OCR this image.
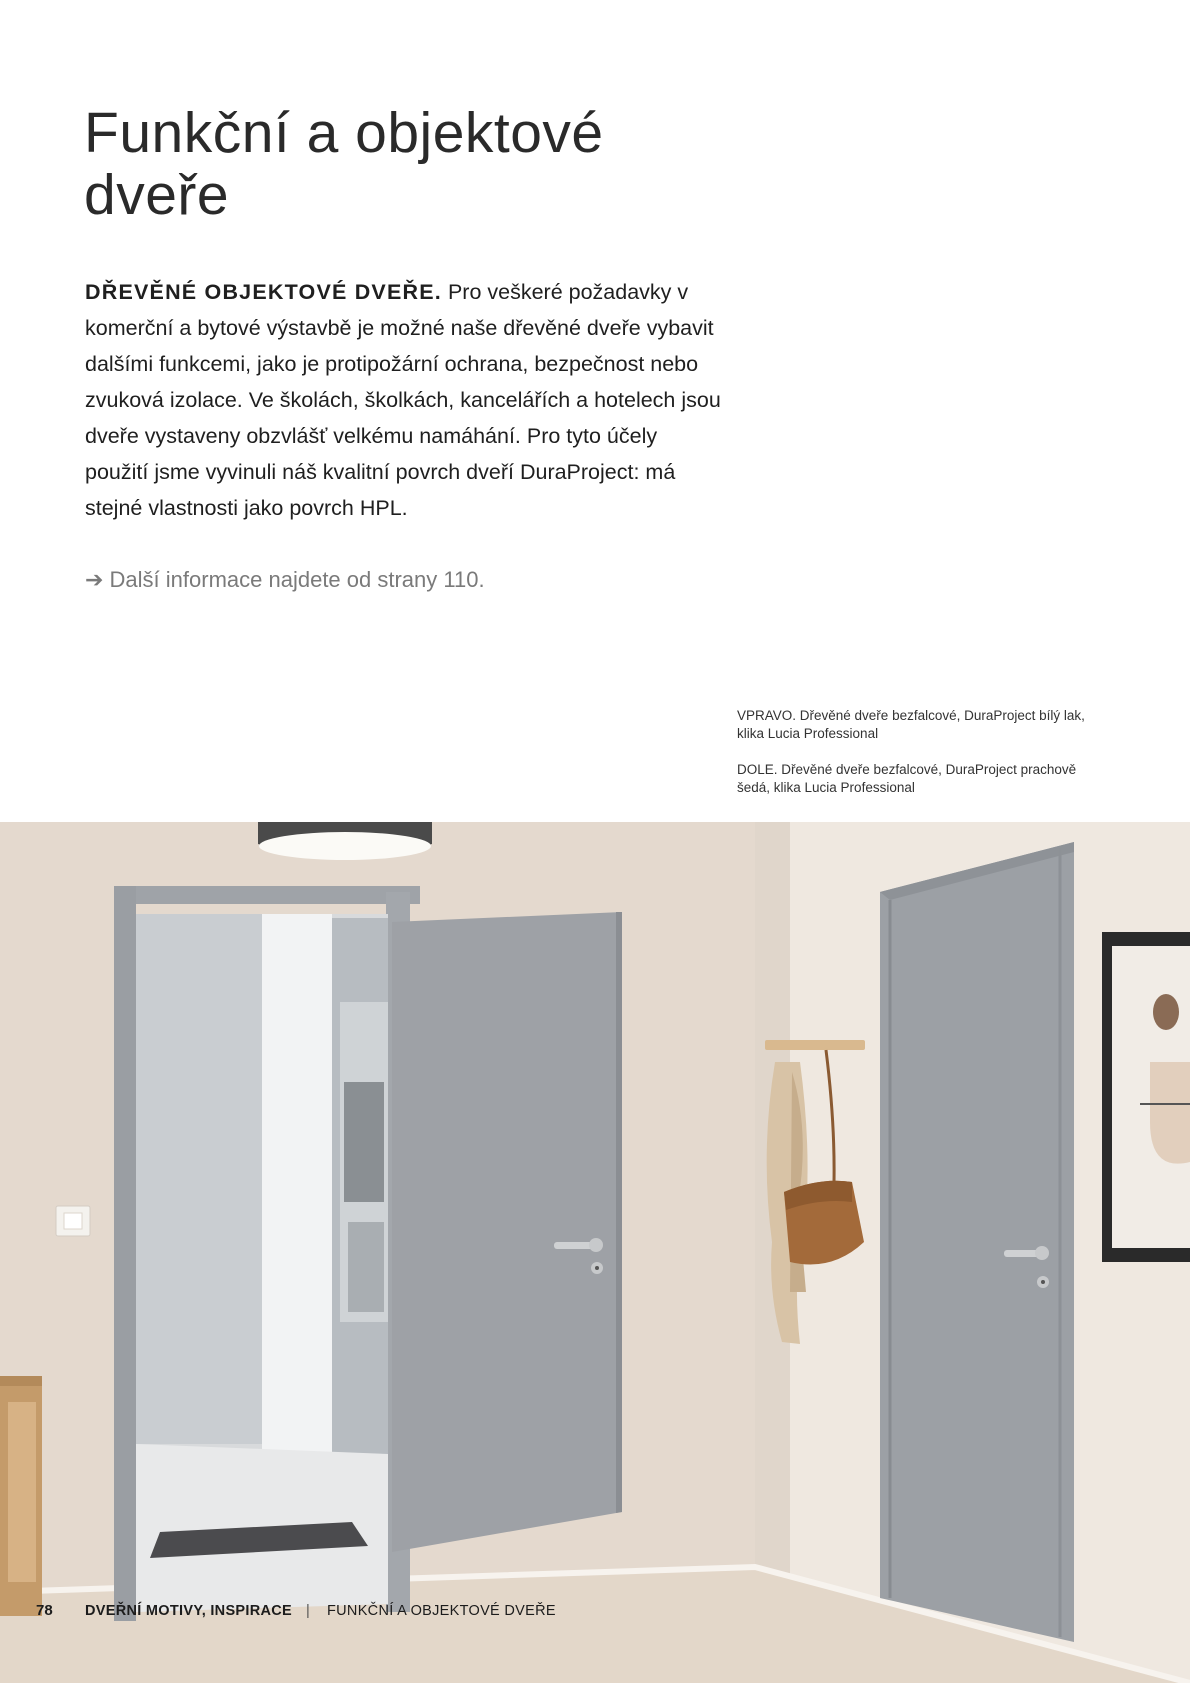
Funkční a objektové dveře

DŘEVĚNÉ OBJEKTOVÉ DVEŘE. Pro veškeré požadavky v komerční a bytové výstavbě je možné naše dřevěné dveře vybavit dalšími funkcemi, jako je protipožární ochrana, bezpečnost nebo zvuková izolace. Ve školách, školkách, kancelářích a hotelech jsou dveře vystaveny obzvlášť velkému namáhání. Pro tyto účely použití jsme vyvinuli náš kvalitní povrch dveří DuraProject: má stejné vlastnosti jako povrch HPL.

➔ Další informace najdete od strany 110.

VPRAVO. Dřevěné dveře bezfalcové, DuraProject bílý lak, klika Lucia Professional

DOLE. Dřevěné dveře bezfalcové, DuraProject prachově šedá, klika Lucia Professional

78 DVEŘNÍ MOTIVY, INSPIRACE | FUNKČNÍ A OBJEKTOVÉ DVEŘE
